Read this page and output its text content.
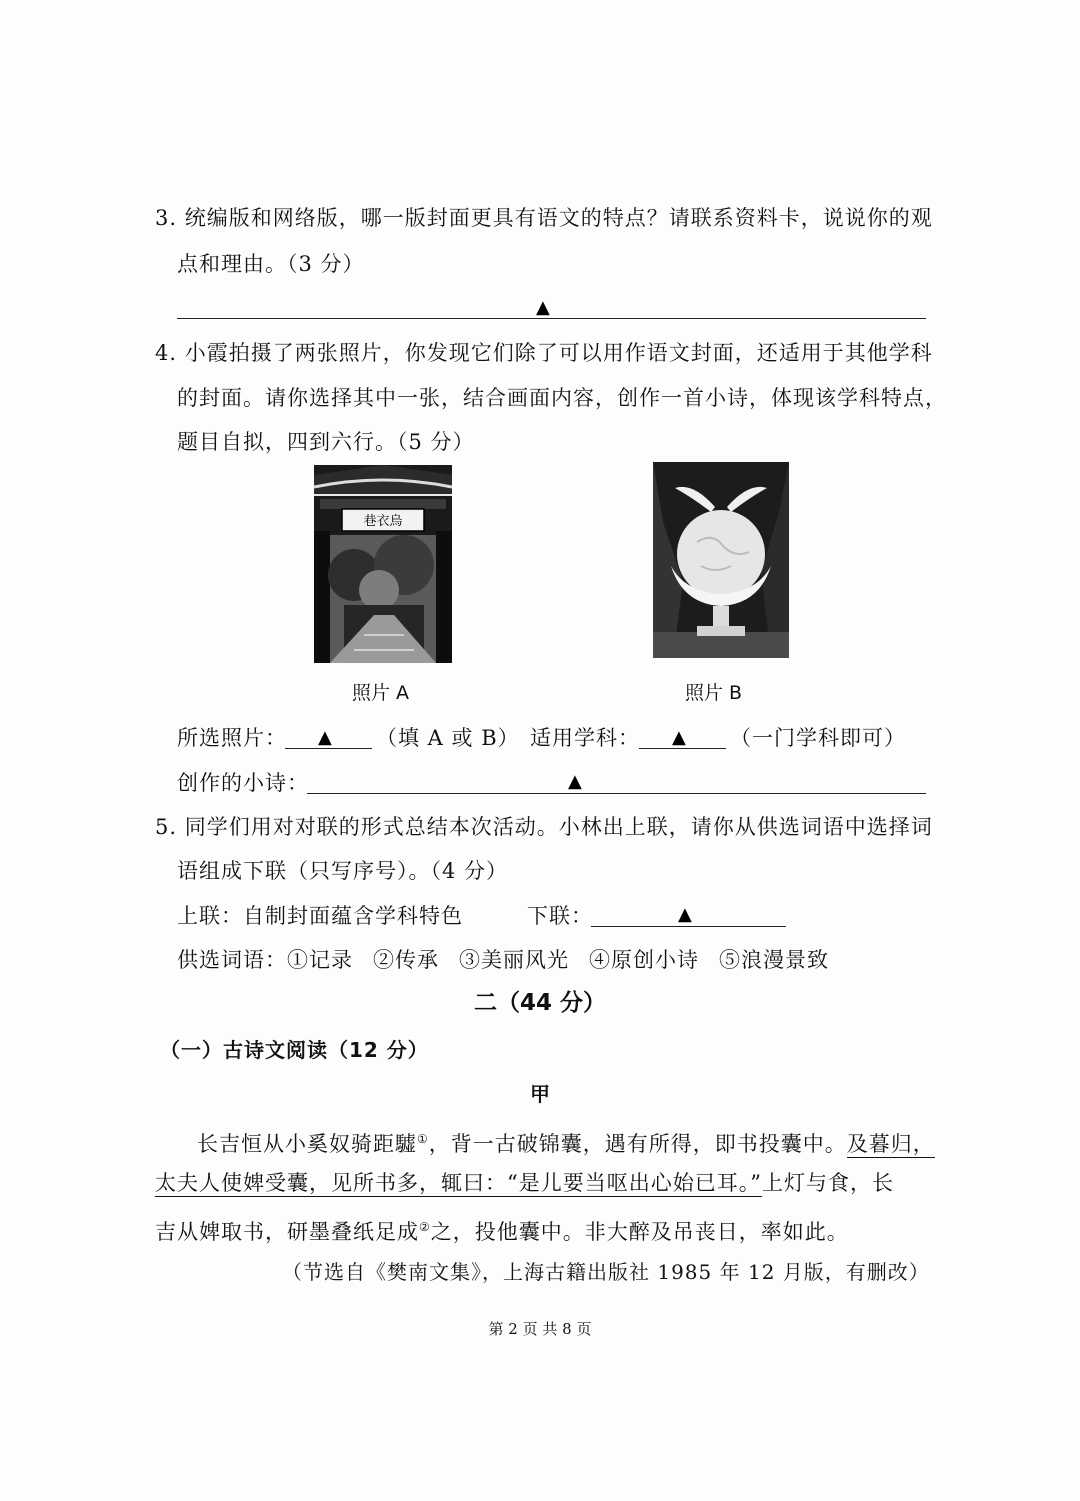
3. 统编版和网络版，哪一版封面更具有语文的特点？请联系资料卡，说说你的观
点和理由。（3 分）
▲
4. 小霞拍摄了两张照片，你发现它们除了可以用作语文封面，还适用于其他学科
的封面。请你选择其中一张，结合画面内容，创作一首小诗，体现该学科特点，
题目自拟，四到六行。（5 分）
巷衣烏
照片 A	照片 B
所选照片： ▲ （填 A 或 B） 适用学科： ▲ （一门学科即可）
创作的小诗：	▲
5. 同学们用对对联的形式总结本次活动。小林出上联，请你从供选词语中选择词
语组成下联（只写序号）。（4 分）
上联：自制封面蕴含学科特色	下联：	▲
供选词语：①记录 ②传承 ③美丽风光 ④原创小诗 ⑤浪漫景致
二（44 分）
（一）古诗文阅读（12 分）
甲
长吉恒从小奚奴骑距驉①，背一古破锦囊，遇有所得，即书投囊中。及暮归，
太夫人使婢受囊，见所书多，辄曰：“是儿要当呕出心始已耳。”上灯与食，长
吉从婢取书，研墨叠纸足成②之，投他囊中。非大醉及吊丧日，率如此。
（节选自《樊南文集》，上海古籍出版社 1985 年 12 月版，有删改）
第 2 页 共 8 页
